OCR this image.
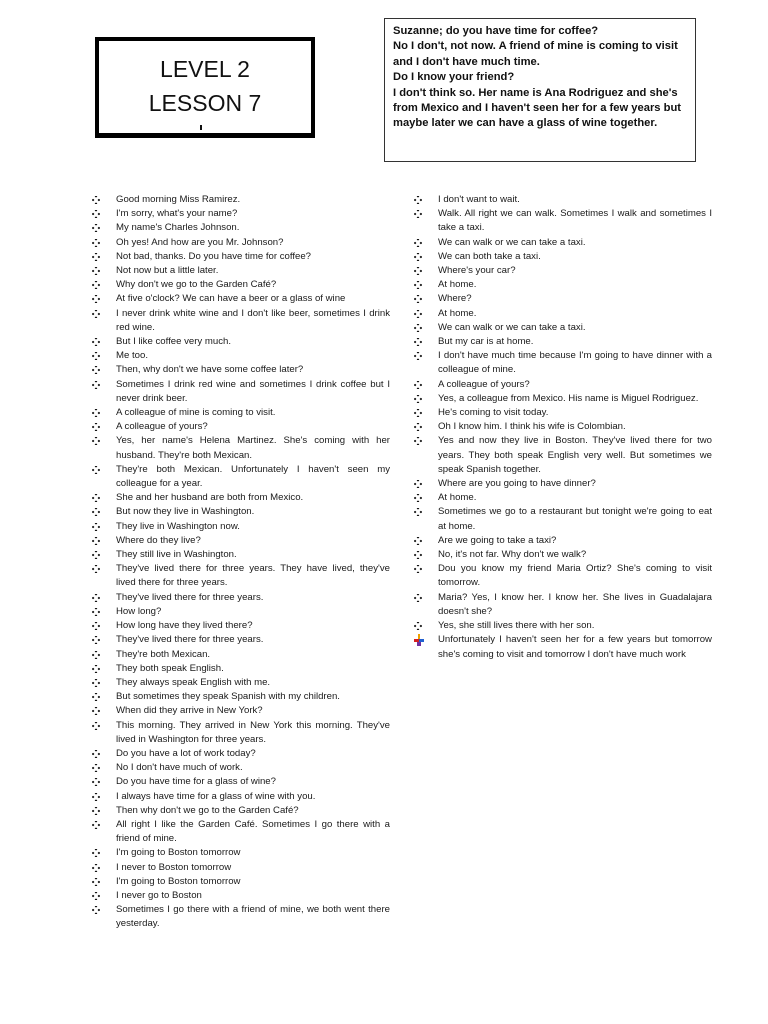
LEVEL 2
LESSON 7
Suzanne; do you have time for coffee?
No I don't, not now. A friend of mine is coming to visit
and I don't have much time.
Do I know your friend?
I don't think so. Her name is Ana Rodriguez and she's
from Mexico and I haven't seen her for a few years but
maybe later we can have a glass of wine together.
Good morning Miss Ramirez.
I'm sorry, what's your name?
My name's Charles Johnson.
Oh yes! And how are you Mr. Johnson?
Not bad, thanks. Do you have time for coffee?
Not now but a little later.
Why don't we go to the Garden Café?
At five o'clock? We can have a beer or a glass of wine
I never drink white wine and I don't like beer, sometimes I drink red wine.
But I like coffee very much.
Me too.
Then, why don't we have some coffee later?
Sometimes I drink red wine and sometimes I drink coffee but I never drink beer.
A colleague of mine is coming to visit.
A colleague of yours?
Yes, her name's Helena Martinez. She's coming with her husband. They're both Mexican.
They're both Mexican. Unfortunately I haven't seen my colleague for a year.
She and her husband are both from Mexico.
But now they live in Washington.
They live in Washington now.
Where do they live?
They still live in Washington.
They've lived there for three years. They have lived, they've lived there for three years.
They've lived there for three years.
How long?
How long have they lived there?
They've lived there for three years.
They're both Mexican.
They both speak English.
They always speak English with me.
But sometimes they speak Spanish with my children.
When did they arrive in New York?
This morning. They arrived in New York this morning. They've lived in Washington for three years.
Do you have a lot of work today?
No I don't have much of work.
Do you have time for a glass of wine?
I always have time for a glass of wine with you.
Then why don't we go to the Garden Café?
All right I like the Garden Café. Sometimes I go there with a friend of mine.
I'm going to Boston tomorrow
I never to Boston tomorrow
I'm going to Boston tomorrow
I never go to Boston
Sometimes I go there with a friend of mine, we both went there yesterday.
I don't want to wait.
Walk. All right we can walk. Sometimes I walk and sometimes I take a taxi.
We can walk or we can take a taxi.
We can both take a taxi.
Where's your car?
At home.
Where?
At home.
We can walk or we can take a taxi.
But my car is at home.
I don't have much time because I'm going to have dinner with a colleague of mine.
A colleague of yours?
Yes, a colleague from Mexico. His name is Miguel Rodriguez.
He's coming to visit today.
Oh I know him. I think his wife is Colombian.
Yes and now they live in Boston. They've lived there for two years. They both speak English very well. But sometimes we speak Spanish together.
Where are you going to have dinner?
At home.
Sometimes we go to a restaurant but tonight we're going to eat at home.
Are we going to take a taxi?
No, it's not far. Why don't we walk?
Dou you know my friend Maria Ortiz? She's coming to visit tomorrow.
Maria? Yes, I know her. I know her. She lives in Guadalajara doesn't she?
Yes, she still lives there with her son.
Unfortunately I haven't seen her for a few years but tomorrow she's coming to visit and tomorrow I don't have much work
